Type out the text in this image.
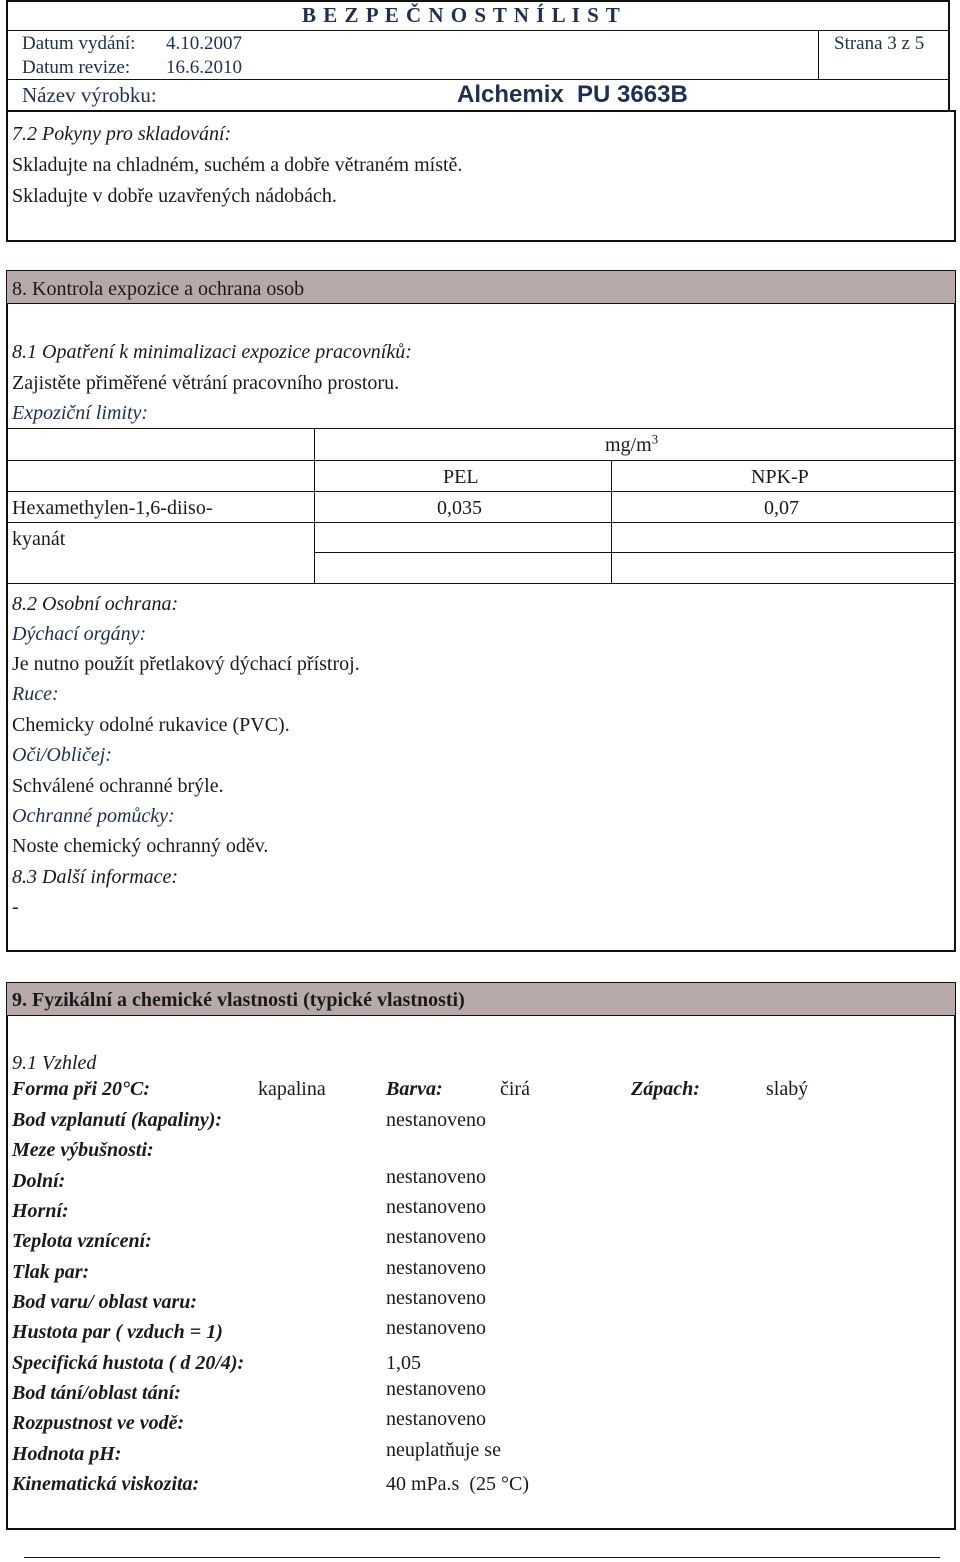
B E Z P E Č N O S T N Í L I S T
Datum vydání: 4.10.2007
Datum revize: 16.6.2010
Strana 3 z 5
Název výrobku:	Alchemix  PU 3663B
7.2 Pokyny pro skladování:
Skladujte na chladném, suchém a dobře větraném místě.
Skladujte v dobře uzavřených nádobách.
8. Kontrola expozice a ochrana osob
8.1 Opatření k minimalizaci expozice pracovníků:
Zajistěte přiměřené větrání pracovního prostoru.
Expoziční limity:
$mg/m^3$
PEL	NPK-P
Hexamethylen-1,6-diiso-
kyanát
0,035	0,07
8.2 Osobní ochrana:
Dýchací orgány:
Je nutno použít přetlakový dýchací přístroj.
Ruce:
Chemicky odolné rukavice (PVC).
Oči/Obličej:
Schválené ochranné brýle.
Ochranné pomůcky:
Noste chemický ochranný oděv.
8.3 Další informace:
-
9. Fyzikální a chemické vlastnosti (typické vlastnosti)
9.1 Vzhled
Forma při 20°C:	kapalina	Barva:	čirá	Zápach:	slabý
Bod vzplanutí (kapaliny):	nestanoveno
Meze výbušnosti:
Dolní:	nestanoveno
Horní:	nestanoveno
Teplota vznícení:	nestanoveno
Tlak par:	nestanoveno
Bod varu/ oblast varu:	nestanoveno
Hustota par ( vzduch = 1)	nestanoveno
Specifická hustota ( d 20/4):	1,05
Bod tání/oblast tání:	nestanoveno
Rozpustnost ve vodě:	nestanoveno
Hodnota pH:	neuplatňuje se
Kinematická viskozita:	40 mPa.s  (25 °C)
